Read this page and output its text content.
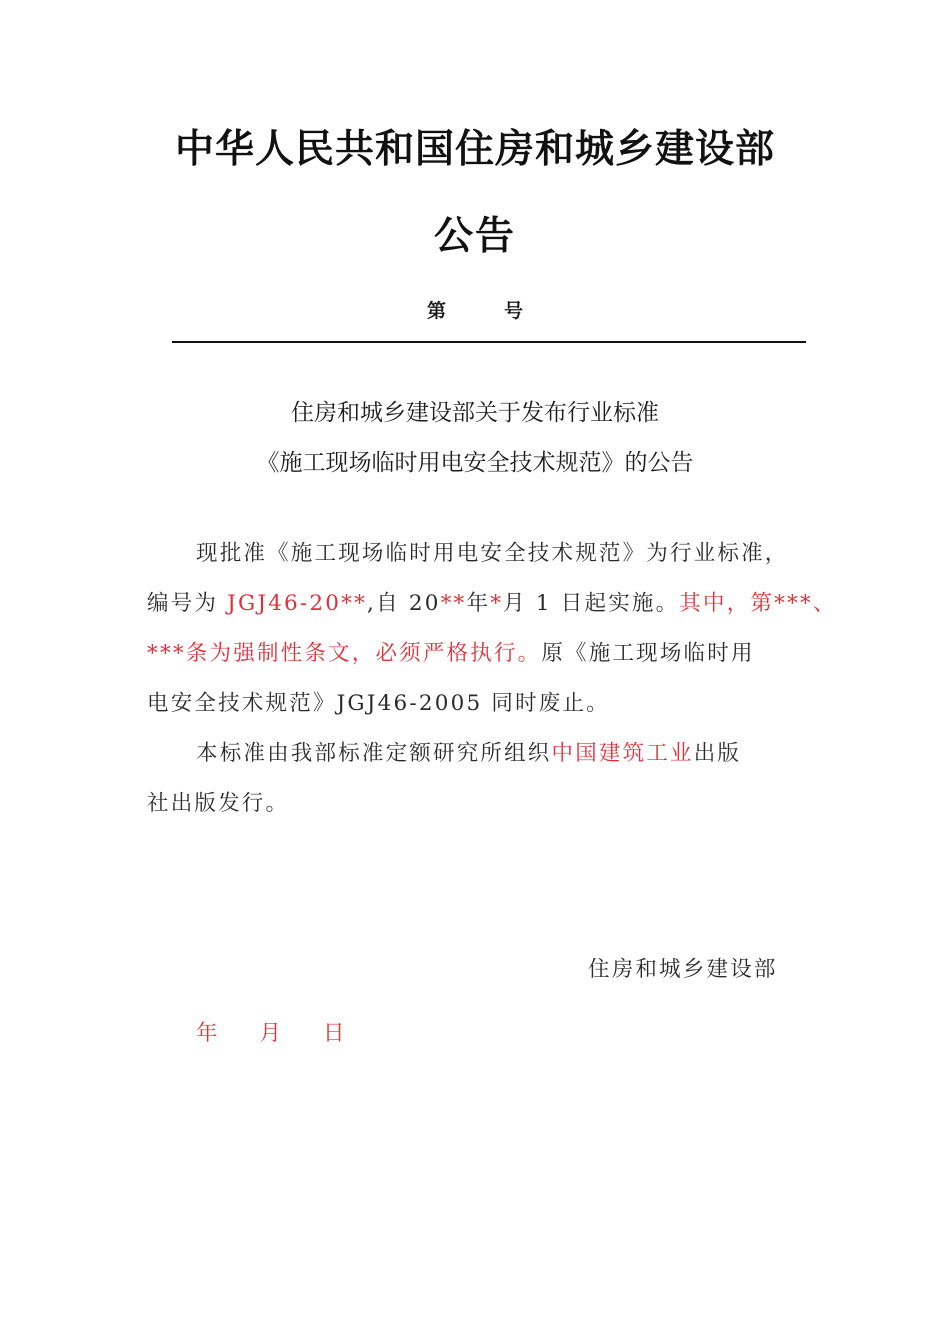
中华人民共和国住房和城乡建设部
公告
第	号
住房和城乡建设部关于发布行业标准
《施工现场临时用电安全技术规范》的公告
现批准《施工现场临时用电安全技术规范》为行业标准，
编号为 JGJ46-20**,自 20**年*月 1 日起实施。其中，第***、
***条为强制性条文，必须严格执行。原《施工现场临时用
电安全技术规范》JGJ46-2005 同时废止。
本标准由我部标准定额研究所组织中国建筑工业出版
社出版发行。
住房和城乡建设部
年 月 日
